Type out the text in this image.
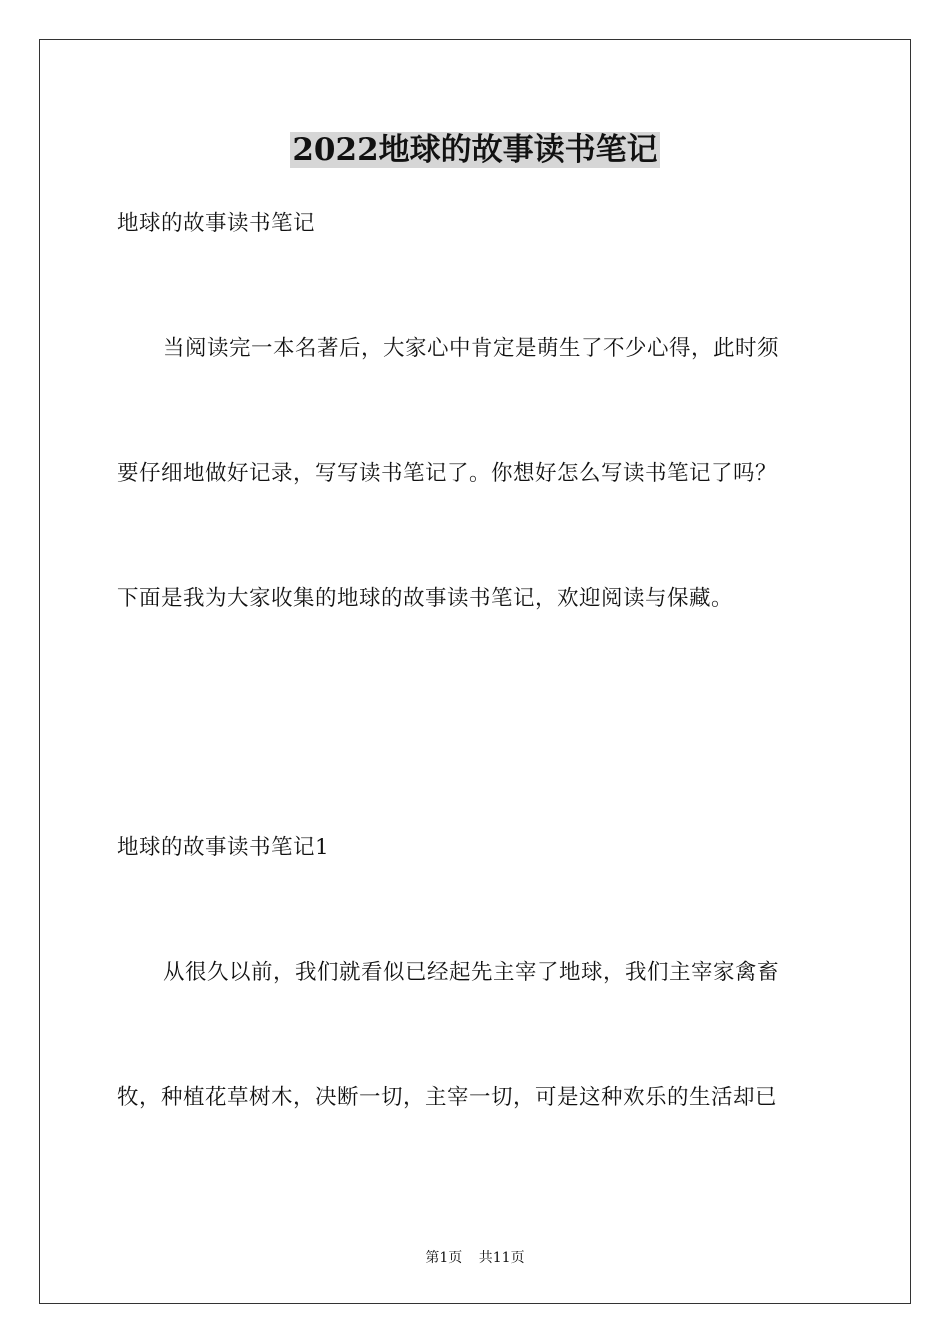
2022地球的故事读书笔记
地球的故事读书笔记
当阅读完一本名著后，大家心中肯定是萌生了不少心得，此时须
要仔细地做好记录，写写读书笔记了。你想好怎么写读书笔记了吗？
下面是我为大家收集的地球的故事读书笔记，欢迎阅读与保藏。
地球的故事读书笔记1
从很久以前，我们就看似已经起先主宰了地球，我们主宰家禽畜
牧，种植花草树木，决断一切，主宰一切，可是这种欢乐的生活却已
第1页 共11页
